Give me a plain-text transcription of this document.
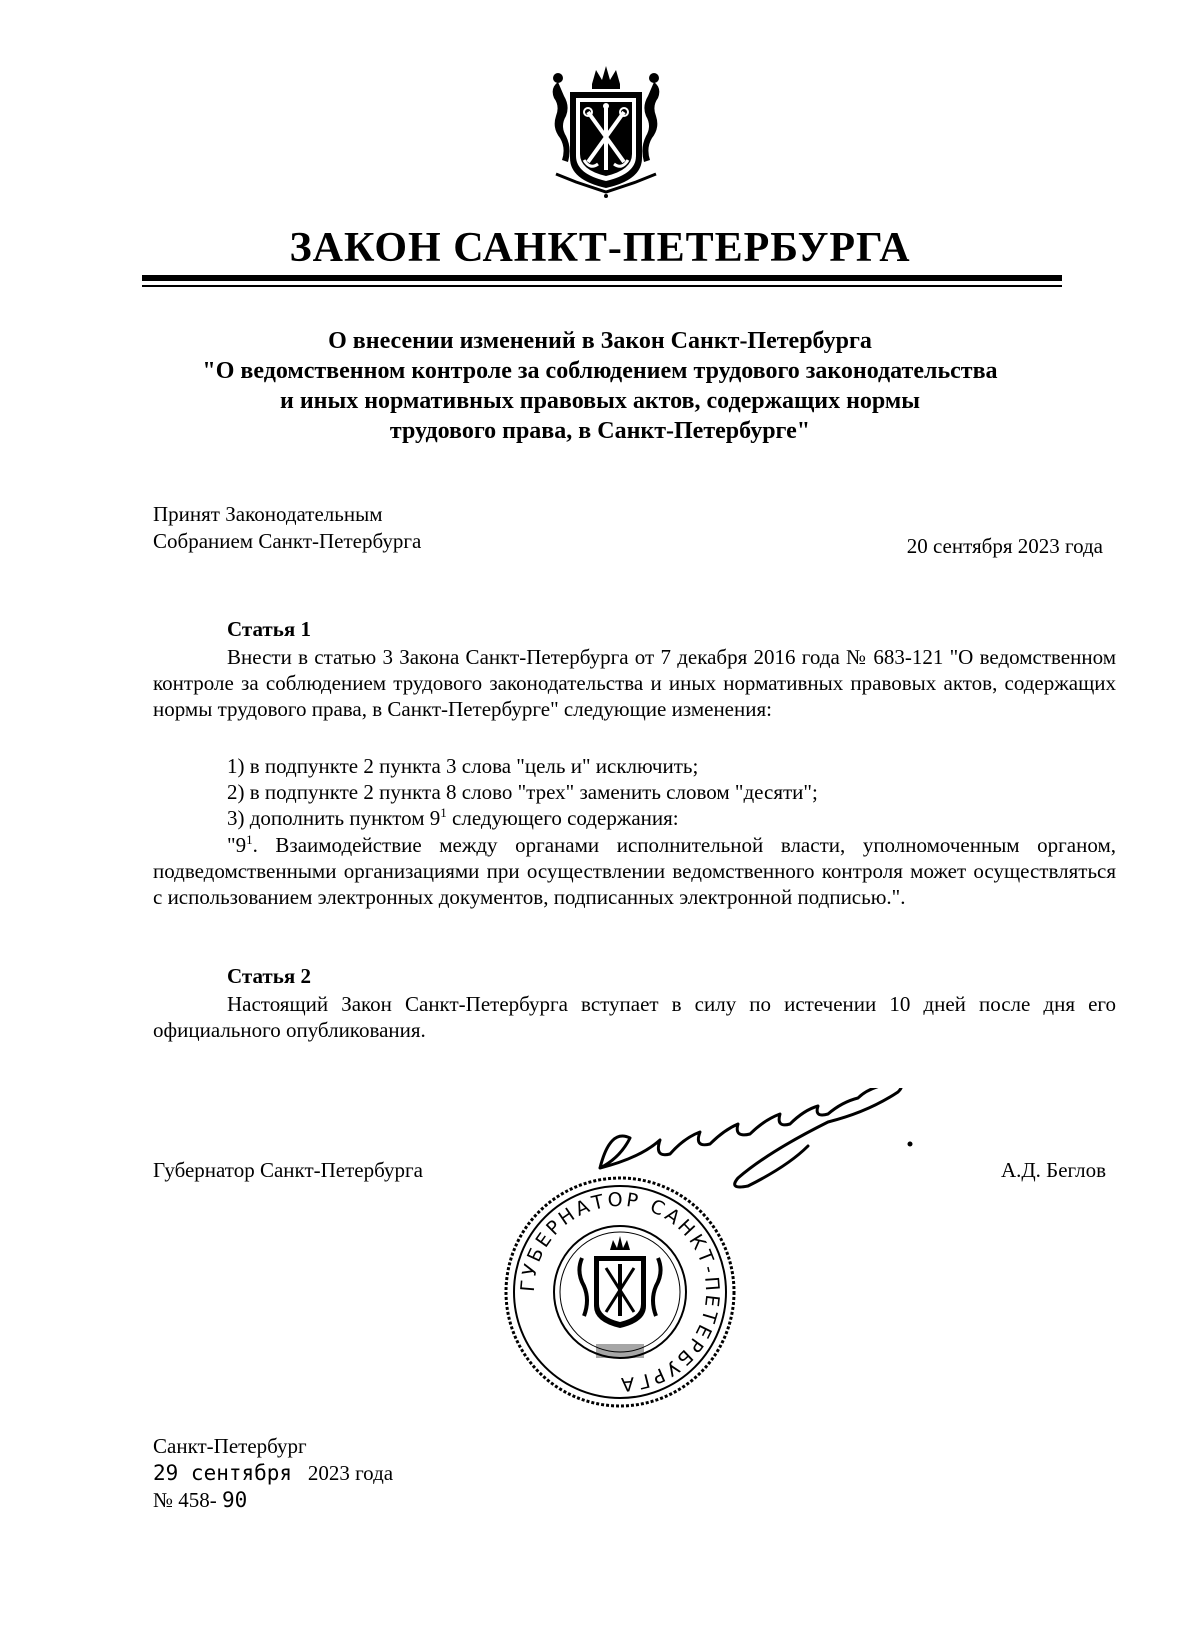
ЗАКОН САНКТ-ПЕТЕРБУРГА
О внесении изменений в Закон Санкт-Петербурга
"О ведомственном контроле за соблюдением трудового законодательства
и иных нормативных правовых актов, содержащих нормы
трудового права, в Санкт-Петербурге"
Принят Законодательным
Собранием Санкт-Петербурга	20 сентября 2023 года
Статья 1
Внести в статью 3 Закона Санкт-Петербурга от 7 декабря 2016 года № 683-121 "О ведомственном контроле за соблюдением трудового законодательства и иных нормативных правовых актов, содержащих нормы трудового права, в Санкт-Петербурге" следующие изменения:
1) в подпункте 2 пункта 3 слова "цель и" исключить;
2) в подпункте 2 пункта 8 слово "трех" заменить словом "десяти";
3) дополнить пунктом $9^1$ следующего содержания:
"$9^1$. Взаимодействие между органами исполнительной власти, уполномоченным органом, подведомственными организациями при осуществлении ведомственного контроля может осуществляться с использованием электронных документов, подписанных электронной подписью.".
Статья 2
Настоящий Закон Санкт-Петербурга вступает в силу по истечении 10 дней после дня его официального опубликования.
Губернатор Санкт-Петербурга	А.Д. Беглов
ГУБЕРНАТОР САНКТ-ПЕТЕРБУРГА
Санкт-Петербург
29 сентября 2023 года
№ 458- 90
